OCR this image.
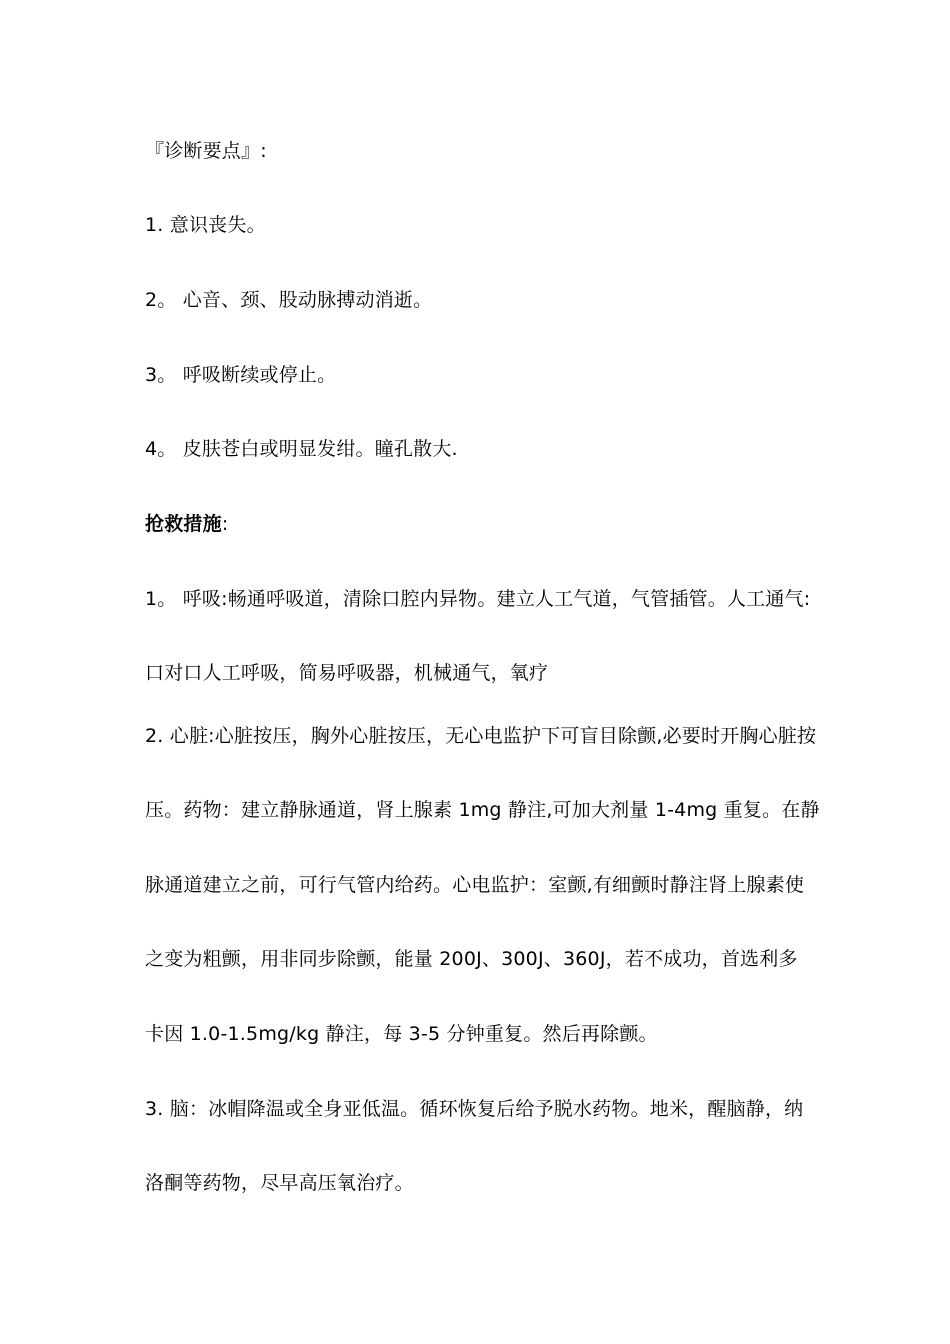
『诊断要点』:
1. 意识丧失。
2。 心音、颈、股动脉搏动消逝。
3。 呼吸断续或停止。
4。 皮肤苍白或明显发绀。瞳孔散大.
抢救措施:
1。 呼吸:畅通呼吸道，清除口腔内异物。建立人工气道，气管插管。人工通气:
口对口人工呼吸，简易呼吸器，机械通气，氧疗
2. 心脏:心脏按压，胸外心脏按压，无心电监护下可盲目除颤,必要时开胸心脏按
压。药物：建立静脉通道，肾上腺素 1mg 静注,可加大剂量 1-4mg 重复。在静
脉通道建立之前，可行气管内给药。心电监护：室颤,有细颤时静注肾上腺素使
之变为粗颤，用非同步除颤，能量 200J、300J、360J，若不成功，首选利多
卡因 1.0-1.5mg/kg 静注，每 3-5 分钟重复。然后再除颤。
3. 脑：冰帽降温或全身亚低温。循环恢复后给予脱水药物。地米，醒脑静，纳
洛酮等药物，尽早高压氧治疗。
